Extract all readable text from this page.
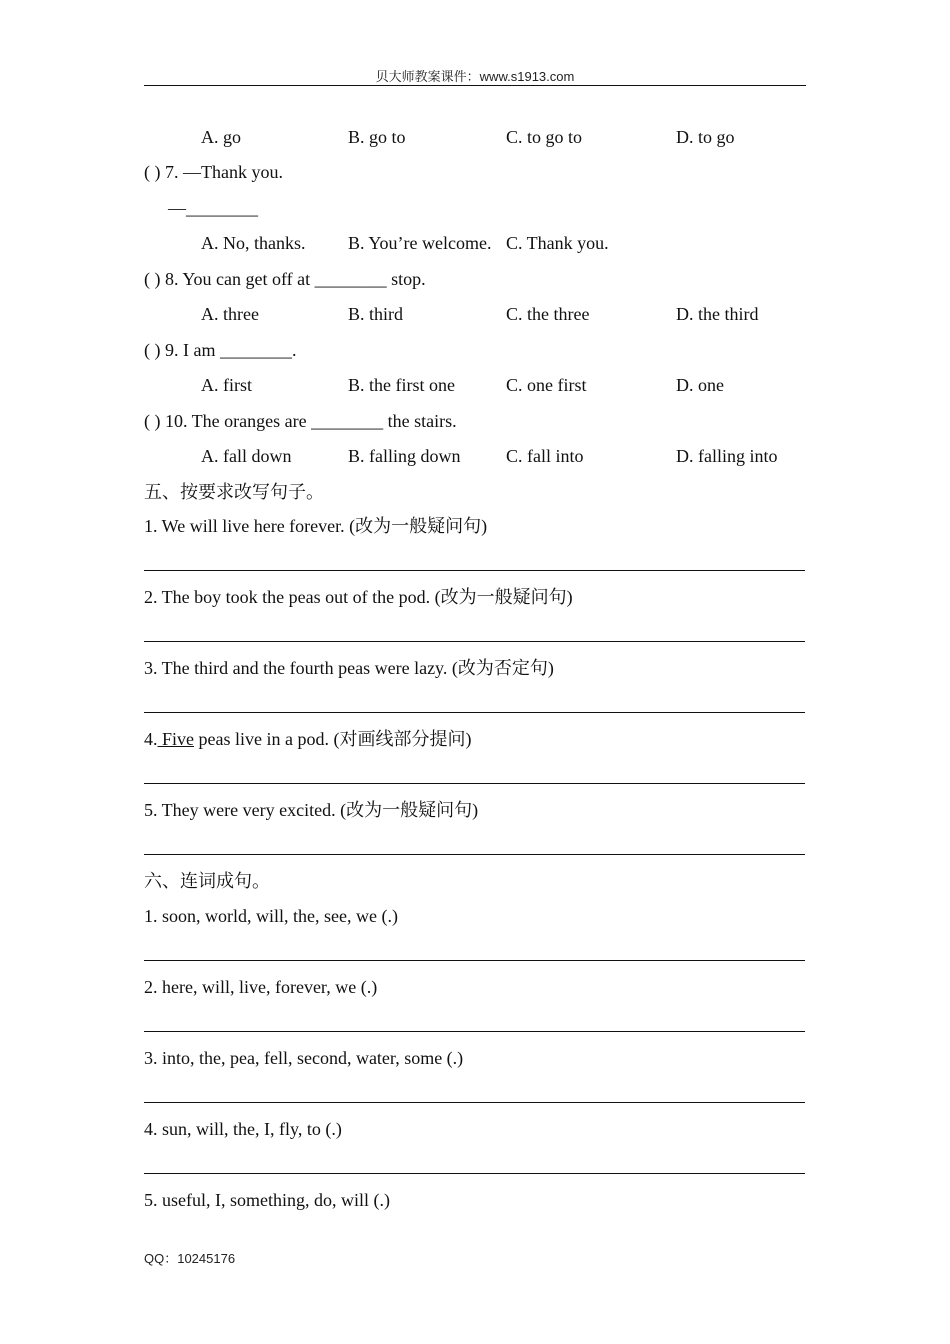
贝大师教案课件：www.s1913.com
A. go	B. go to	C. to go to	D. to go
( ) 7. —Thank you.
—________
A. No, thanks. B. You’re welcome. C. Thank you.
( ) 8. You can get off at ________ stop.
A. three	B. third	C. the three	D. the third
( ) 9. I am ________.
A. first	B. the first one	C. one first	D. one
( ) 10. The oranges are ________ the stairs.
A. fall down	B. falling down	C. fall into	D. falling into
五、按要求改写句子。
1. We will live here forever. (改为一般疑问句)
2. The boy took the peas out of the pod. (改为一般疑问句)
3. The third and the fourth peas were lazy. (改为否定句)
4. Five peas live in a pod. (对画线部分提问)
5. They were very excited. (改为一般疑问句)
六、连词成句。
1. soon, world, will, the, see, we (.)
2. here, will, live, forever, we (.)
3. into, the, pea, fell, second, water, some (.)
4. sun, will, the, I, fly, to (.)
5. useful, I, something, do, will (.)
QQ：10245176
